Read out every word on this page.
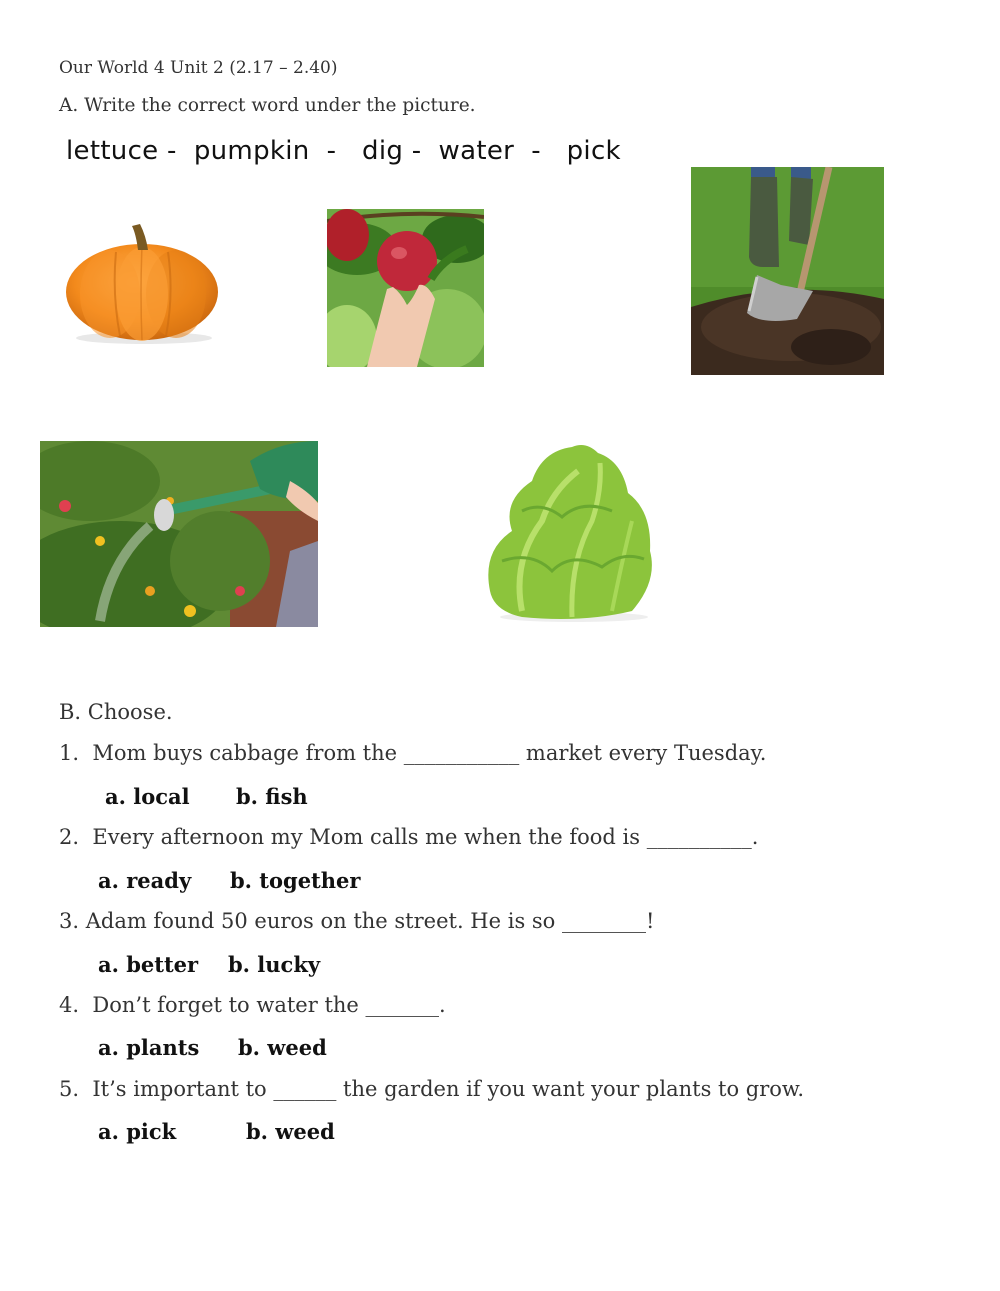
Our World 4 Unit 2 (2.17 – 2.40)
A. Write the correct word under the picture.
lettuce -  pumpkin  -   dig -  water  -   pick
B. Choose.
1.  Mom buys cabbage from the ___________ market every Tuesday.
a. local b. fish
2.  Every afternoon my Mom calls me when the food is __________.
a. ready b. together
3. Adam found 50 euros on the street. He is so ________!
a. better b. lucky
4.  Don’t forget to water the _______.
a. plants b. weed
5.  It’s important to ______ the garden if you want your plants to grow.
a. pick	b. weed
